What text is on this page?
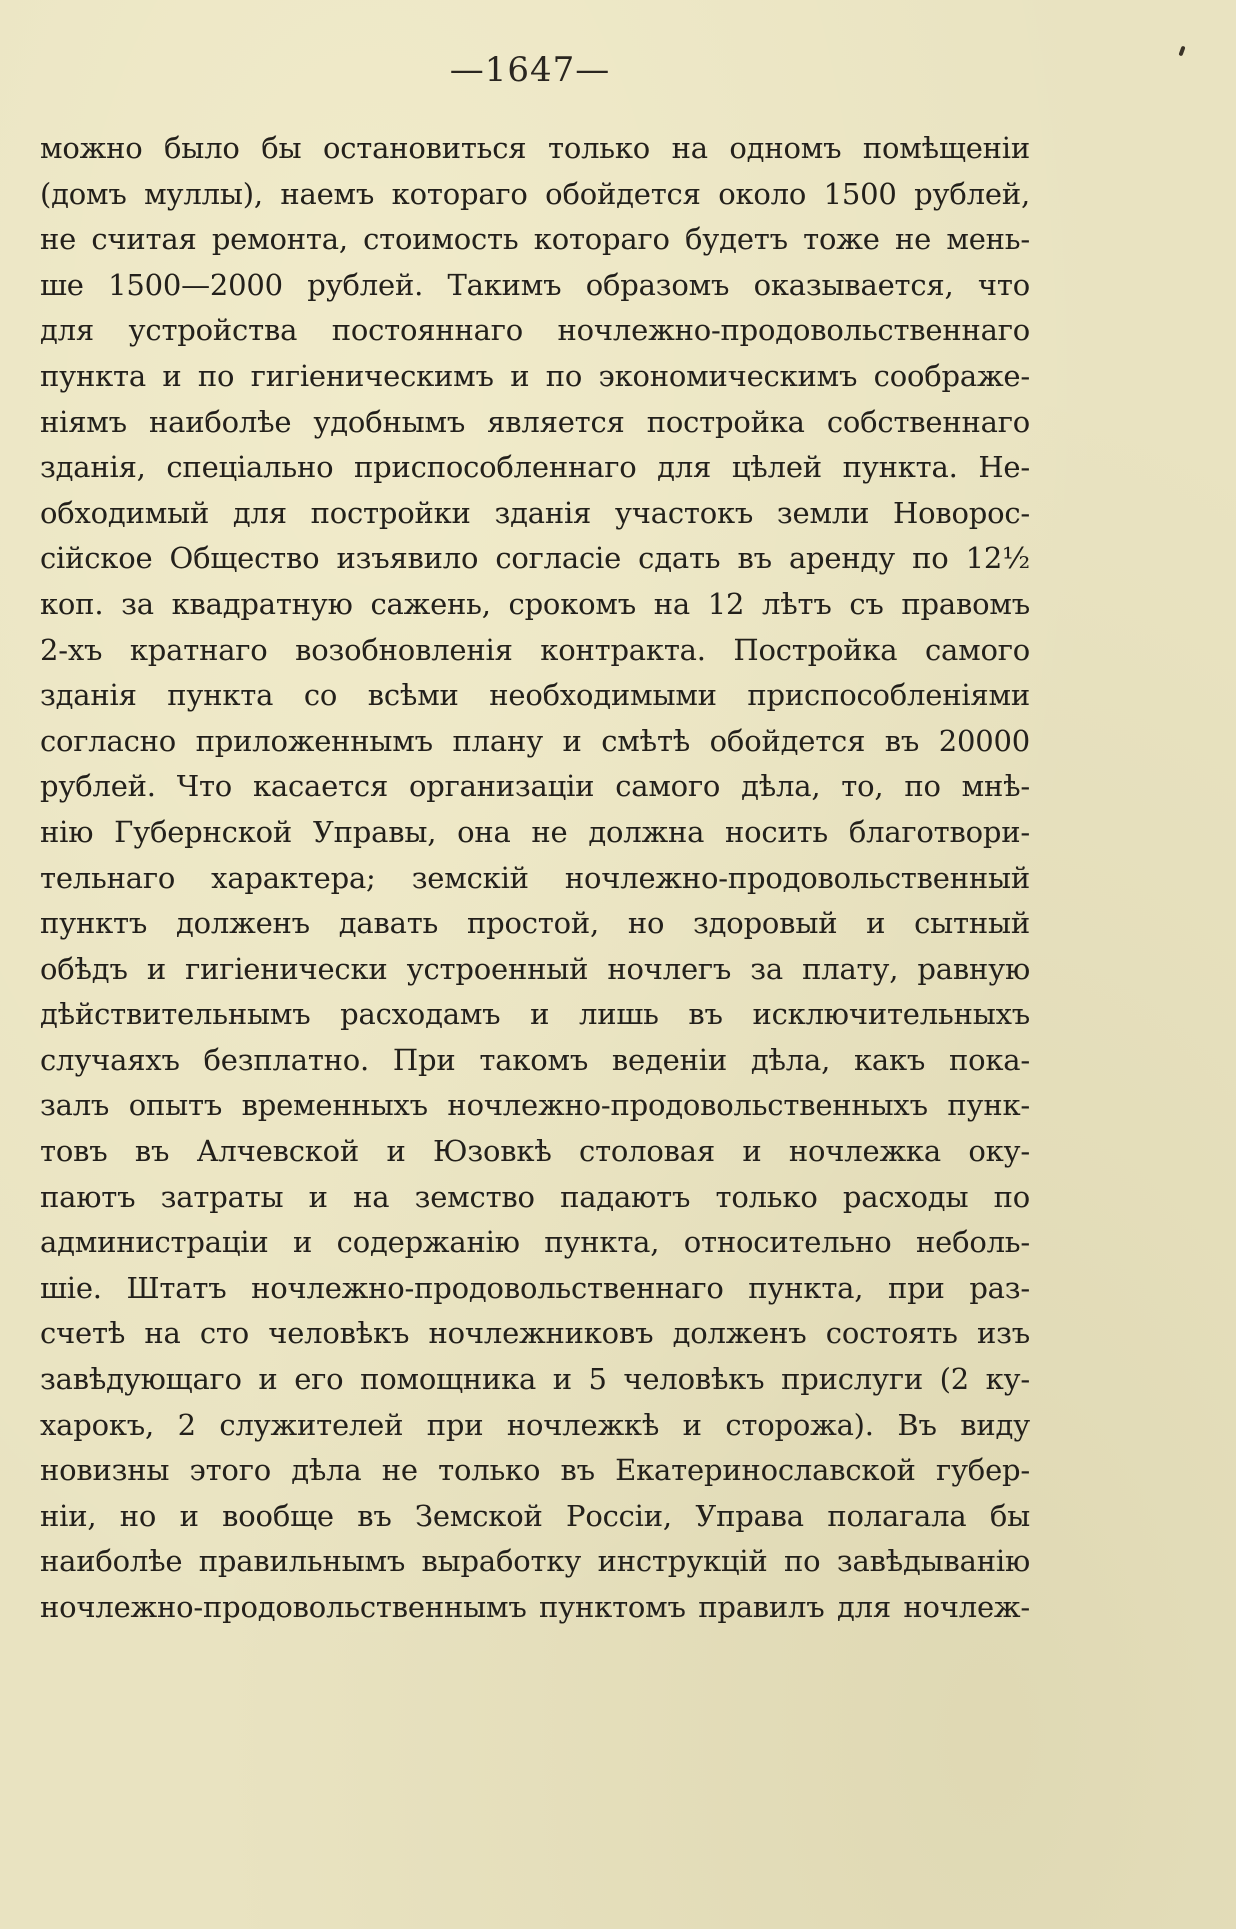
—1647—
можно было бы остановиться только на одномъ помѣщеніи
(домъ муллы), наемъ котораго обойдется около 1500 рублей,
не считая ремонта, стоимость котораго будетъ тоже не мень-
ше 1500—2000 рублей. Такимъ образомъ оказывается, что
для устройства постояннаго ночлежно-продовольственнаго
пункта и по гигіеническимъ и по экономическимъ соображе-
ніямъ наиболѣе удобнымъ является постройка собственнаго
зданія, спеціально приспособленнаго для цѣлей пункта. Не-
обходимый для постройки зданія участокъ земли Новорос-
сійское Общество изъявило согласіе сдать въ аренду по 12½
коп. за квадратную сажень, срокомъ на 12 лѣтъ съ правомъ
2-хъ кратнаго возобновленія контракта. Постройка самого
зданія пункта со всѣми необходимыми приспособленіями
согласно приложеннымъ плану и смѣтѣ обойдется въ 20000
рублей. Что касается организаціи самого дѣла, то, по мнѣ-
нію Губернской Управы, она не должна носить благотвори-
тельнаго характера; земскій ночлежно-продовольственный
пунктъ долженъ давать простой, но здоровый и сытный
обѣдъ и гигіенически устроенный ночлегъ за плату, равную
дѣйствительнымъ расходамъ и лишь въ исключительныхъ
случаяхъ безплатно. При такомъ веденіи дѣла, какъ пока-
залъ опытъ временныхъ ночлежно-продовольственныхъ пунк-
товъ въ Алчевской и Юзовкѣ столовая и ночлежка оку-
паютъ затраты и на земство падаютъ только расходы по
администраціи и содержанію пункта, относительно неболь-
шіе. Штатъ ночлежно-продовольственнаго пункта, при раз-
счетѣ на сто человѣкъ ночлежниковъ долженъ состоять изъ
завѣдующаго и его помощника и 5 человѣкъ прислуги (2 ку-
харокъ, 2 служителей при ночлежкѣ и сторожа). Въ виду
новизны этого дѣла не только въ Екатеринославской губер-
ніи, но и вообще въ Земской Россіи, Управа полагала бы
наиболѣе правильнымъ выработку инструкцій по завѣдыванію
ночлежно-продовольственнымъ пунктомъ правилъ для ночлеж-
